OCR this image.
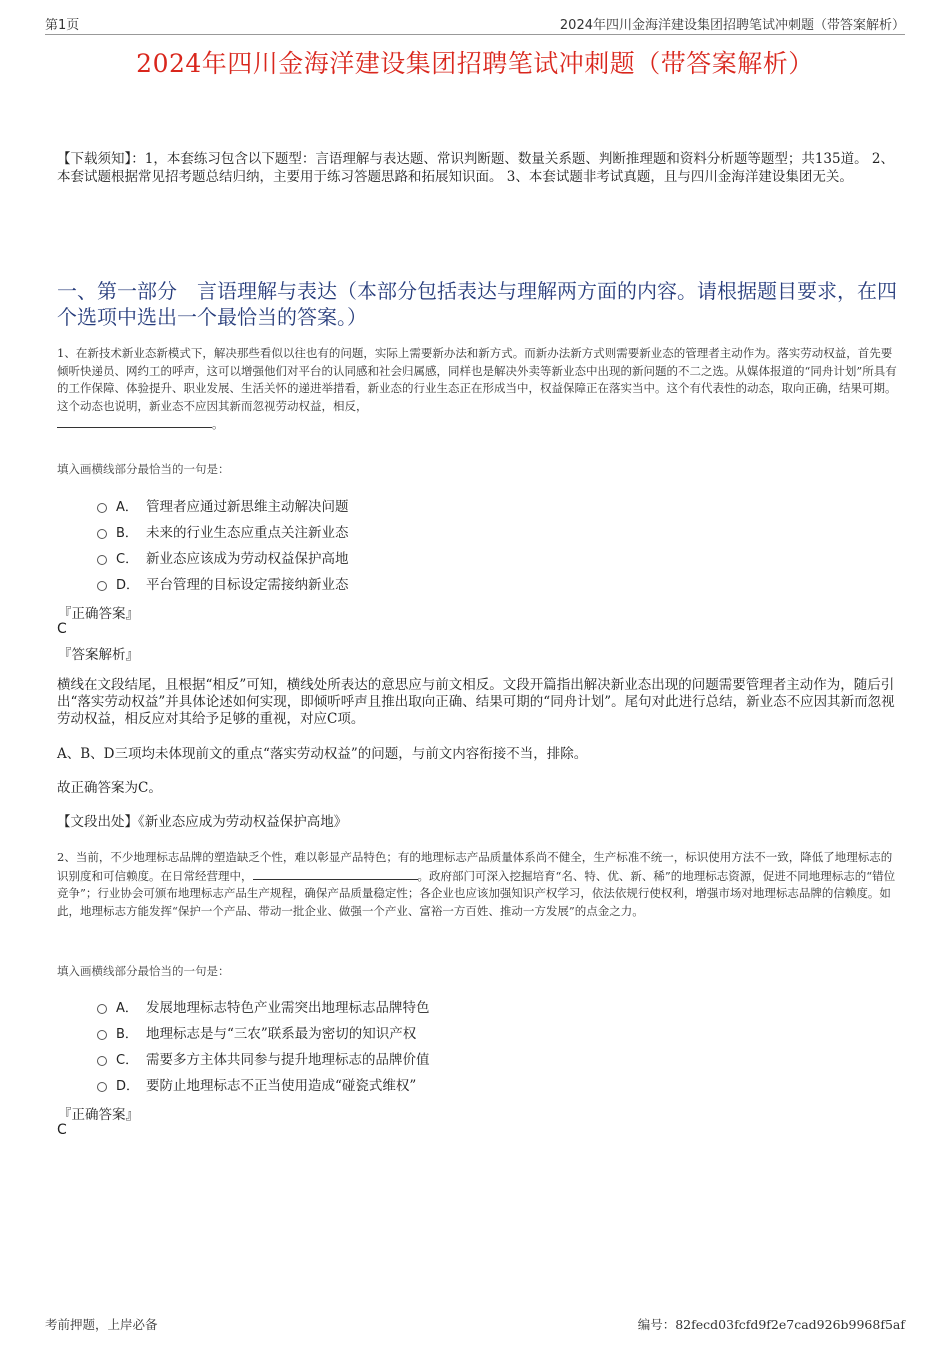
第1页	2024年四川金海洋建设集团招聘笔试冲刺题（带答案解析）
2024年四川金海洋建设集团招聘笔试冲刺题（带答案解析）
【下载须知】：1，本套练习包含以下题型：言语理解与表达题、常识判断题、数量关系题、判断推理题和资料分析题等题型；共135道。 2、本套试题根据常见招考题总结归纳，主要用于练习答题思路和拓展知识面。 3、本套试题非考试真题，且与四川金海洋建设集团无关。
一、第一部分　言语理解与表达（本部分包括表达与理解两方面的内容。请根据题目要求，在四个选项中选出一个最恰当的答案。）
1、在新技术新业态新模式下，解决那些看似以往也有的问题，实际上需要新办法和新方式。而新办法新方式则需要新业态的管理者主动作为。落实劳动权益，首先要倾听快递员、网约工的呼声，这可以增强他们对平台的认同感和社会归属感，同样也是解决外卖等新业态中出现的新问题的不二之选。从媒体报道的“同舟计划”所具有的工作保障、体验提升、职业发展、生活关怀的递进举措看，新业态的行业生态正在形成当中，权益保障正在落实当中。这个有代表性的动态，取向正确，结果可期。这个动态也说明，新业态不应因其新而忽视劳动权益，相反，
。
填入画横线部分最恰当的一句是：
A． 管理者应通过新思维主动解决问题
B． 未来的行业生态应重点关注新业态
C． 新业态应该成为劳动权益保护高地
D． 平台管理的目标设定需接纳新业态
『正确答案』
C
『答案解析』
横线在文段结尾，且根据“相反”可知，横线处所表达的意思应与前文相反。文段开篇指出解决新业态出现的问题需要管理者主动作为，随后引出“落实劳动权益”并具体论述如何实现，即倾听呼声且推出取向正确、结果可期的“同舟计划”。尾句对此进行总结，新业态不应因其新而忽视劳动权益，相反应对其给予足够的重视，对应C项。
A、B、D三项均未体现前文的重点“落实劳动权益”的问题，与前文内容衔接不当，排除。
故正确答案为C。
【文段出处】《新业态应成为劳动权益保护高地》
2、当前，不少地理标志品牌的塑造缺乏个性，难以彰显产品特色；有的地理标志产品质量体系尚不健全，生产标准不统一，标识使用方法不一致，降低了地理标志的识别度和可信赖度。在日常经营理中，	。政府部门可深入挖掘培育“名、特、优、新、稀”的地理标志资源，促进不同地理标志的“错位竞争”；行业协会可颁布地理标志产品生产规程，确保产品质量稳定性；各企业也应该加强知识产权学习，依法依规行使权利，增强市场对地理标志品牌的信赖度。如此，地理标志方能发挥“保护一个产品、带动一批企业、做强一个产业、富裕一方百姓、推动一方发展”的点金之力。
填入画横线部分最恰当的一句是：
A． 发展地理标志特色产业需突出地理标志品牌特色
B． 地理标志是与“三农”联系最为密切的知识产权
C． 需要多方主体共同参与提升地理标志的品牌价值
D． 要防止地理标志不正当使用造成“碰瓷式维权”
『正确答案』
C
考前押题，上岸必备	编号：82fecd03fcfd9f2e7cad926b9968f5af
